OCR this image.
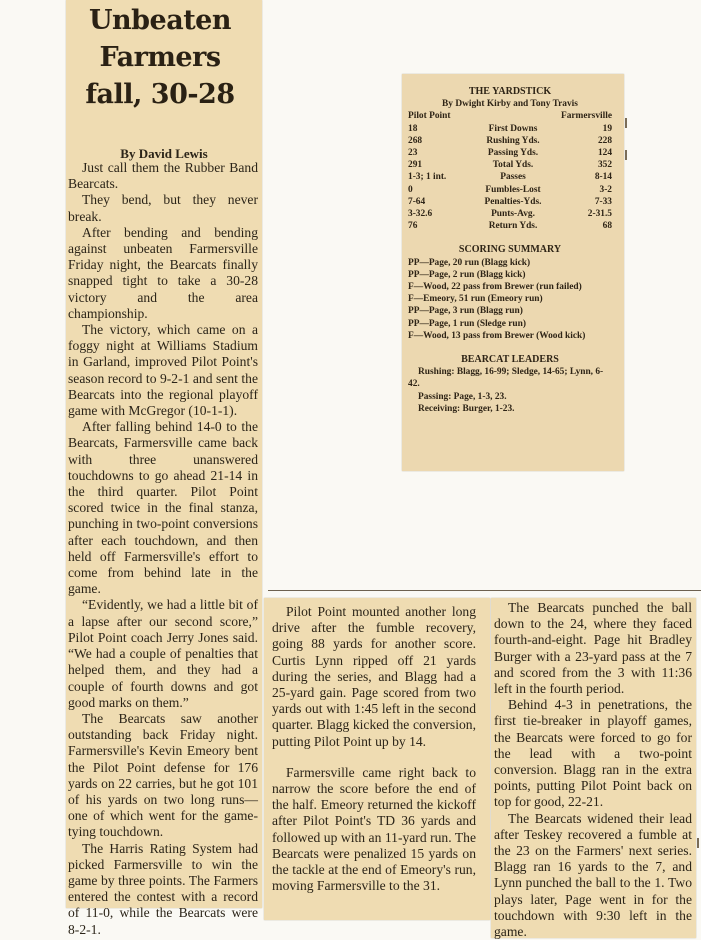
Unbeaten Farmers fall, 30-28
By David Lewis

Just call them the Rubber Band Bearcats.

They bend, but they never break.

After bending and bending against unbeaten Farmersville Friday night, the Bearcats finally snapped tight to take a 30-28 victory and the area championship.

The victory, which came on a foggy night at Williams Stadium in Garland, improved Pilot Point's season record to 9-2-1 and sent the Bearcats into the regional playoff game with McGregor (10-1-1).

After falling behind 14-0 to the Bearcats, Farmersville came back with three unanswered touchdowns to go ahead 21-14 in the third quarter. Pilot Point scored twice in the final stanza, punching in two-point conversions after each touchdown, and then held off Farmersville's effort to come from behind late in the game.

“Evidently, we had a little bit of a lapse after our second score,” Pilot Point coach Jerry Jones said. “We had a couple of penalties that helped them, and they had a couple of fourth downs and got good marks on them.”

The Bearcats saw another outstanding back Friday night. Farmersville's Kevin Emeory bent the Pilot Point defense for 176 yards on 22 carries, but he got 101 of his yards on two long runs—one of which went for the game-tying touchdown.

The Harris Rating System had picked Farmersville to win the game by three points. The Farmers entered the contest with a record of 11-0, while the Bearcats were 8-2-1.

Pilot Point mounted another long drive after the fumble recovery, going 88 yards for another score. Curtis Lynn ripped off 21 yards during the series, and Blagg had a 25-yard gain. Page scored from two yards out with 1:45 left in the second quarter. Blagg kicked the conversion, putting Pilot Point up by 14.

Farmersville came right back to narrow the score before the end of the half. Emeory returned the kickoff after Pilot Point's TD 36 yards and followed up with an 11-yard run. The Bearcats were penalized 15 yards on the tackle at the end of Emeory's run, moving Farmersville to the 31.

The Bearcats punched the ball down to the 24, where they faced fourth-and-eight. Page hit Bradley Burger with a 23-yard pass at the 7 and scored from the 3 with 11:36 left in the fourth period.

Behind 4-3 in penetrations, the first tie-breaker in playoff games, the Bearcats were forced to go for the lead with a two-point conversion. Blagg ran in the extra points, putting Pilot Point back on top for good, 22-21.

The Bearcats widened their lead after Teskey recovered a fumble at the 23 on the Farmers' next series. Blagg ran 16 yards to the 7, and Lynn punched the ball to the 1. Two plays later, Page went in for the touchdown with 9:30 left in the game.

THE YARDSTICK
By Dwight Kirby and Tony Travis
Pilot Point	Farmersville
18	First Downs	19
268	Rushing Yds.	228
23	Passing Yds.	124
291	Total Yds.	352
1-3; 1 int.	Passes	8-14
0	Fumbles-Lost	3-2
7-64	Penalties-Yds.	7-33
3-32.6	Punts-Avg.	2-31.5
76	Return Yds.	68
SCORING SUMMARY
PP—Page, 20 run (Blagg kick)
PP—Page, 2 run (Blagg kick)
F—Wood, 22 pass from Brewer (run failed)
F—Emeory, 51 run (Emeory run)
PP—Page, 3 run (Blagg run)
PP—Page, 1 run (Sledge run)
F—Wood, 13 pass from Brewer (Wood kick)
BEARCAT LEADERS
Rushing: Blagg, 16-99; Sledge, 14-65; Lynn, 6-42.
Passing: Page, 1-3, 23.
Receiving: Burger, 1-23.
